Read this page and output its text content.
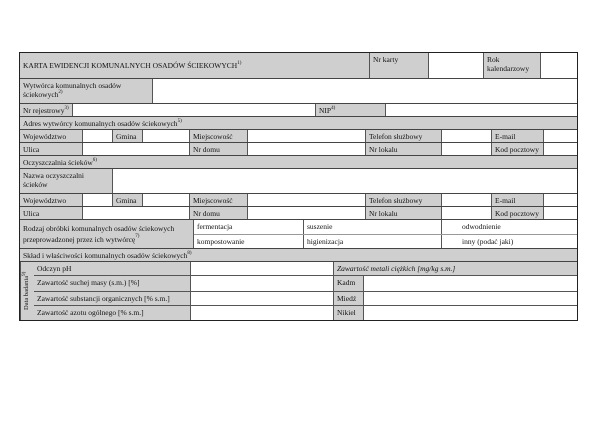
KARTA EWIDENCJI KOMUNALNYCH OSADÓW ŚCIEKOWYCH$^{1)}$	Nr karty	Rok kalendarzowy
Wytwórca komunalnych osadów ściekowych$^{2)}$
Nr rejestrowy$^{3)}$	NIP$^{4)}$
Adres wytwórcy komunalnych osadów ściekowych$^{5)}$
Województwo	Gmina	Miejscowość	Telefon służbowy	E-mail
Ulica	Nr domu	Nr lokalu	Kod pocztowy
Oczyszczalnia ścieków$^{6)}$
Nazwa oczyszczalni ścieków
Województwo	Gmina	Miejscowość	Telefon służbowy	E-mail
Ulica	Nr domu	Nr lokalu	Kod pocztowy
Rodzaj obróbki komunalnych osadów ściekowych przeprowadzonej przez ich wytwórcę$^{7)}$
fermentacja	suszenie	odwodnienie
kompostowanie	higienizacja	inny (podać jaki)
Skład i właściwości komunalnych osadów ściekowych$^{8)}$
Data badania$^{9)}$
Odczyn pH	Zawartość metali ciężkich [mg/kg s.m.]
Zawartość suchej masy (s.m.) [%]	Kadm
Zawartość substancji organicznych [% s.m.]	Miedź
Zawartość azotu ogólnego [% s.m.]	Nikiel
